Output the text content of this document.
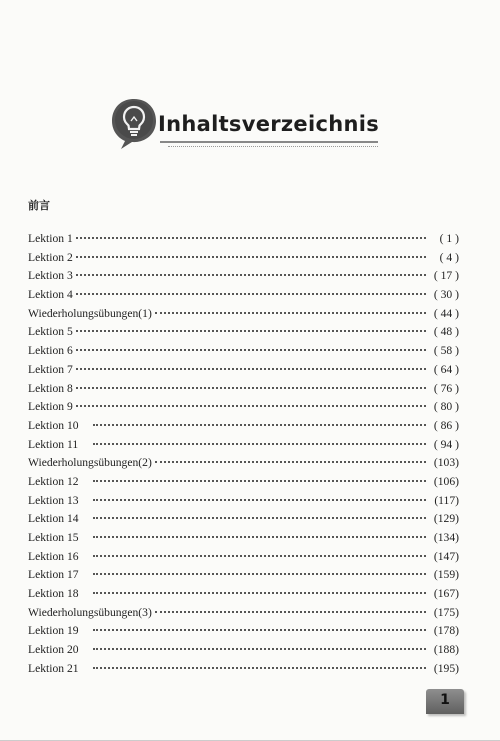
Inhaltsverzeichnis
前言
Lektion 1	( 1 )
Lektion 2	( 4 )
Lektion 3	( 17 )
Lektion 4	( 30 )
Wiederholungsübungen(1)	( 44 )
Lektion 5	( 48 )
Lektion 6	( 58 )
Lektion 7	( 64 )
Lektion 8	( 76 )
Lektion 9	( 80 )
Lektion 10	( 86 )
Lektion 11	( 94 )
Wiederholungsübungen(2)	(103)
Lektion 12	(106)
Lektion 13	(117)
Lektion 14	(129)
Lektion 15	(134)
Lektion 16	(147)
Lektion 17	(159)
Lektion 18	(167)
Wiederholungsübungen(3)	(175)
Lektion 19	(178)
Lektion 20	(188)
Lektion 21	(195)
1
